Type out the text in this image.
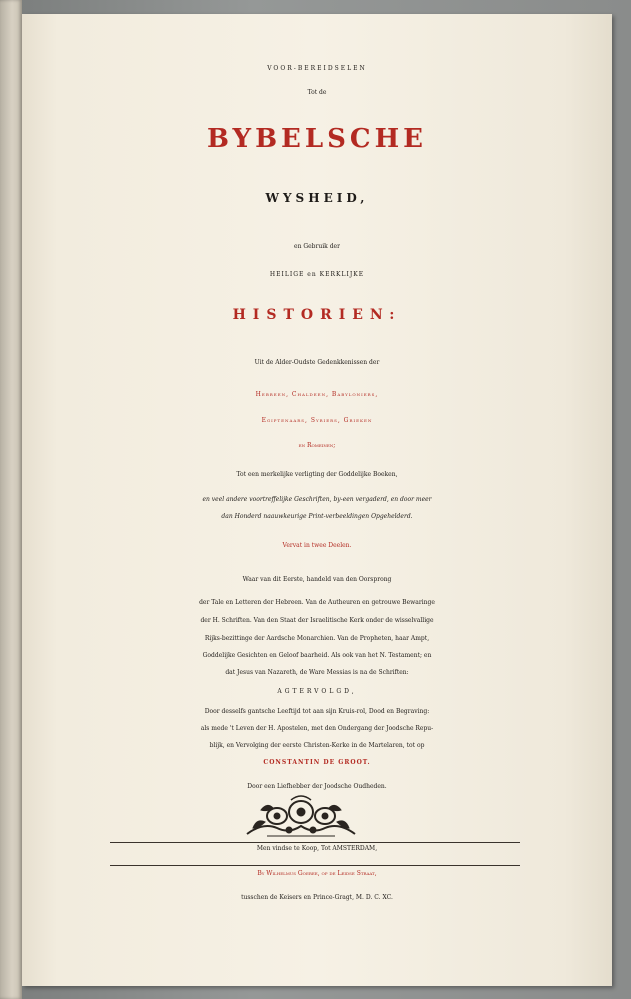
VOOR-BEREIDSELEN
Tot de
BYBELSCHE
WYSHEID,
en Gebruik der
HEILIGE en KERKLIJKE
HISTORIEN:
Uit de Alder-Oudste Gedenkkenissen der
Hebreen, Chaldeen, Babyloniers,
Egiptenaars, Syriers, Grieken
en Romeinen;
Tot een merkelijke verligting der Goddelijke Boeken,
en veel andere voortreffelijke Geschriften, by-een vergaderd, en door meer
dan Honderd naauwkeurige Print-verbeeldingen Opgehelderd.
Vervat in twee Deelen.
Waar van dit Eerste, handeld van den Oorsprong
der Tale en Letteren der Hebreen. Van de Autheuren en getrouwe Bewaringe
der H. Schriften. Van den Staat der Israelitische Kerk onder de wisselvallige
Rijks-bezittinge der Aardsche Monarchien. Van de Propheten, haar Ampt,
Goddelijke Gesichten en Geloof baarheid. Als ook van het N. Testament; en
dat Jesus van Nazareth, de Ware Messias is na de Schriften:
AGTERVOLGD,
Door desselfs gantsche Leeftijd tot aan sijn Kruis-rol, Dood en Begraving:
als mede 't Leven der H. Apostelen, met den Ondergang der Joodsche Repu-
blijk, en Vervolging der eerste Christen-Kerke in de Martelaren, tot op
CONSTANTIN DE GROOT.
Door een Liefhebber der Joodsche Oudheden.
Men vindse te Koop, Tot AMSTERDAM,
By Wilhelmus Goeree, op de Leidse Straat,
tusschen de Keisers en Prince-Gragt, M. D. C. XC.
